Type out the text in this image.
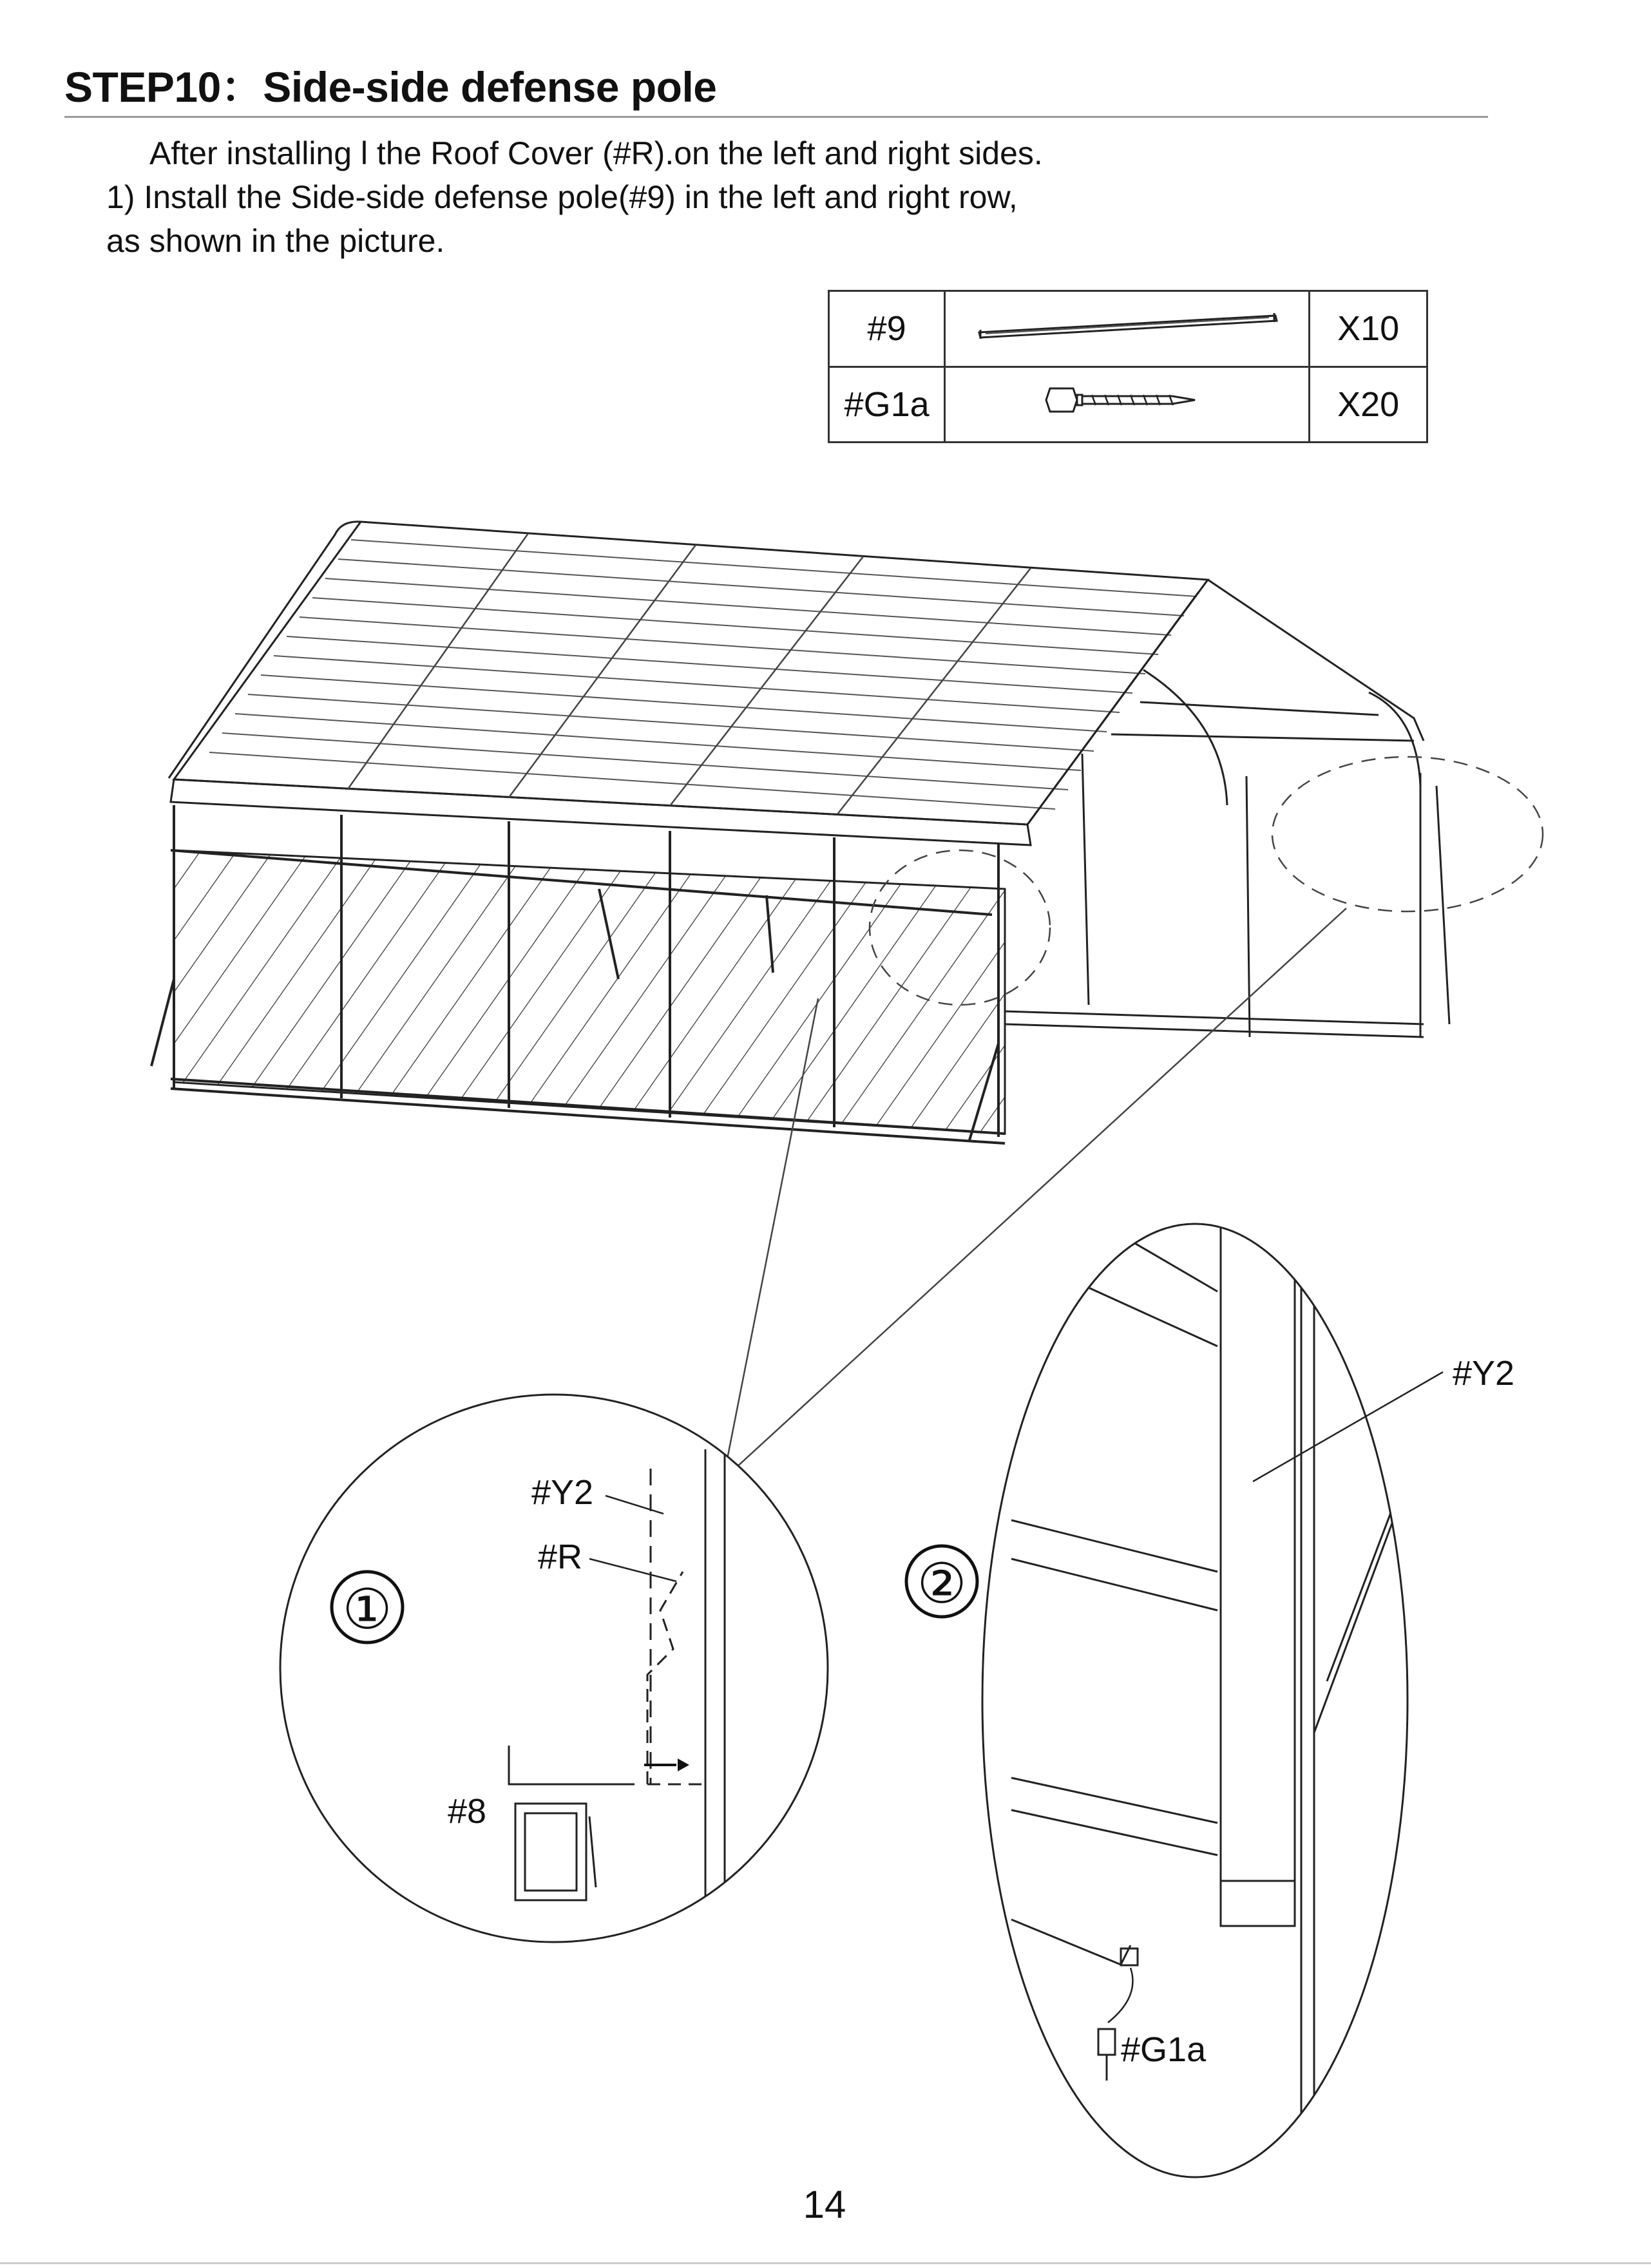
STEP10：Side-side defense pole
After installing l the Roof Cover (#R).on the left and right sides.
1) Install the Side-side defense pole(#9) in the left and right row,
as shown in the picture.
#9		X10
#G1a		X20
①
#Y2
#R
#8
②
#Y2
#G1a
14
